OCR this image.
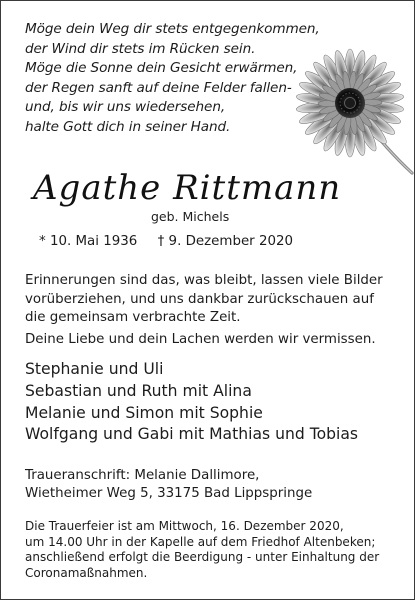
Möge dein Weg dir stets entgegenkommen,
der Wind dir stets im Rücken sein.
Möge die Sonne dein Gesicht erwärmen,
der Regen sanft auf deine Felder fallen-
und, bis wir uns wiedersehen,
halte Gott dich in seiner Hand.
Agathe Rittmann
geb. Michels
* 10. Mai 1936 † 9. Dezember 2020
Erinnerungen sind das, was bleibt, lassen viele Bilder
vorüberziehen, und uns dankbar zurückschauen auf
die gemeinsam verbrachte Zeit.
Deine Liebe und dein Lachen werden wir vermissen.
Stephanie und Uli
Sebastian und Ruth mit Alina
Melanie und Simon mit Sophie
Wolfgang und Gabi mit Mathias und Tobias
Traueranschrift: Melanie Dallimore,
Wietheimer Weg 5, 33175 Bad Lippspringe
Die Trauerfeier ist am Mittwoch, 16. Dezember 2020,
um 14.00 Uhr in der Kapelle auf dem Friedhof Altenbeken;
anschließend erfolgt die Beerdigung - unter Einhaltung der
Coronamaßnahmen.
